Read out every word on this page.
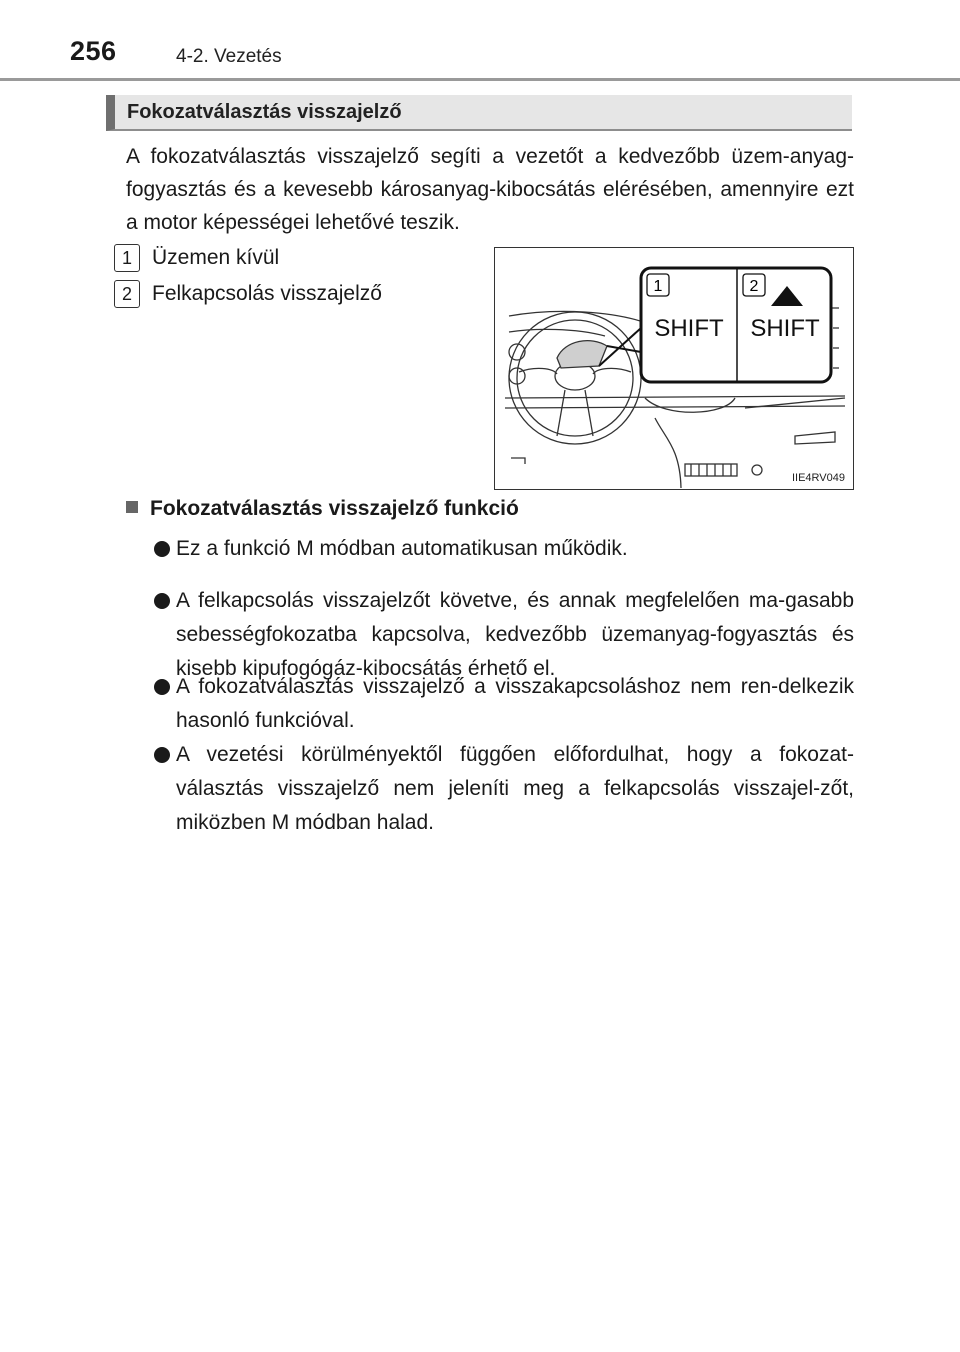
256	4-2. Vezetés
Fokozatválasztás visszajelző
A fokozatválasztás visszajelző segíti a vezetőt a kedvezőbb üzem-anyag-fogyasztás és a kevesebb károsanyag-kibocsátás elérésében, amennyire ezt a motor képességei lehetővé teszik.
1 Üzemen kívül
2 Felkapcsolás visszajelző	1	2
SHIFT SHIFT
IIE4RV049
Fokozatválasztás visszajelző funkció
Ez a funkció M módban automatikusan működik.
A felkapcsolás visszajelzőt követve, és annak megfelelően ma-gasabb sebességfokozatba kapcsolva, kedvezőbb üzemanyag-fogyasztás és kisebb kipufogógáz-kibocsátás érhető el.
A fokozatválasztás visszajelző a visszakapcsoláshoz nem ren-delkezik hasonló funkcióval.
A vezetési körülményektől függően előfordulhat, hogy a fokozat-választás visszajelző nem jeleníti meg a felkapcsolás visszajel-zőt, miközben M módban halad.
